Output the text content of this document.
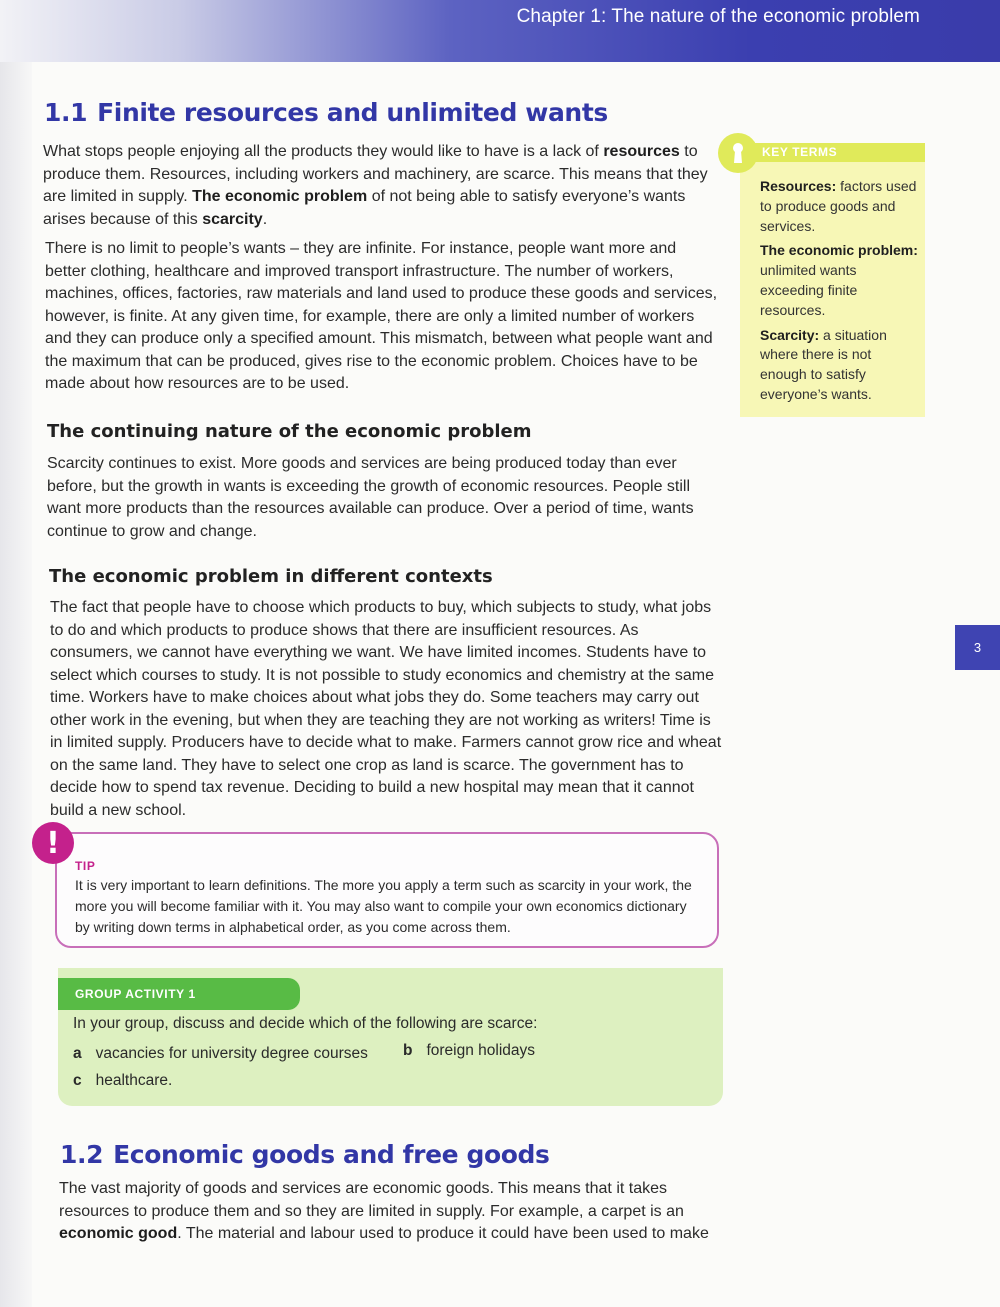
Chapter 1: The nature of the economic problem
3
1.1 Finite resources and unlimited wants

What stops people enjoying all the products they would like to have is a lack of resources to produce them. Resources, including workers and machinery, are scarce. This means that they are limited in supply. The economic problem of not being able to satisfy everyone’s wants arises because of this scarcity.

There is no limit to people’s wants – they are infinite. For instance, people want more and better clothing, healthcare and improved transport infrastructure. The number of workers, machines, offices, factories, raw materials and land used to produce these goods and services, however, is finite. At any given time, for example, there are only a limited number of workers and they can produce only a specified amount. This mismatch, between what people want and the maximum that can be produced, gives rise to the economic problem. Choices have to be made about how resources are to be used.

The continuing nature of the economic problem

Scarcity continues to exist. More goods and services are being produced today than ever before, but the growth in wants is exceeding the growth of economic resources. People still want more products than the resources available can produce. Over a period of time, wants continue to grow and change.

The economic problem in different contexts

The fact that people have to choose which products to buy, which subjects to study, what jobs to do and which products to produce shows that there are insufficient resources. As consumers, we cannot have everything we want. We have limited incomes. Students have to select which courses to study. It is not possible to study economics and chemistry at the same time. Workers have to make choices about what jobs they do. Some teachers may carry out other work in the evening, but when they are teaching they are not working as writers! Time is in limited supply. Producers have to decide what to make. Farmers cannot grow rice and wheat on the same land. They have to select one crop as land is scarce. The government has to decide how to spend tax revenue. Deciding to build a new hospital may mean that it cannot build a new school.

KEY TERMS

Resources: factors used to produce goods and services.

The economic problem: unlimited wants exceeding finite resources.

Scarcity: a situation where there is not enough to satisfy everyone’s wants.

!
TIP

It is very important to learn definitions. The more you apply a term such as scarcity in your work, the more you will become familiar with it. You may also want to compile your own economics dictionary by writing down terms in alphabetical order, as you come across them.

GROUP ACTIVITY 1

In your group, discuss and decide which of the following are scarce:

a vacancies for university degree courses b foreign holidays
c healthcare.
1.2 Economic goods and free goods

The vast majority of goods and services are economic goods. This means that it takes resources to produce them and so they are limited in supply. For example, a carpet is an economic good. The material and labour used to produce it could have been used to make
